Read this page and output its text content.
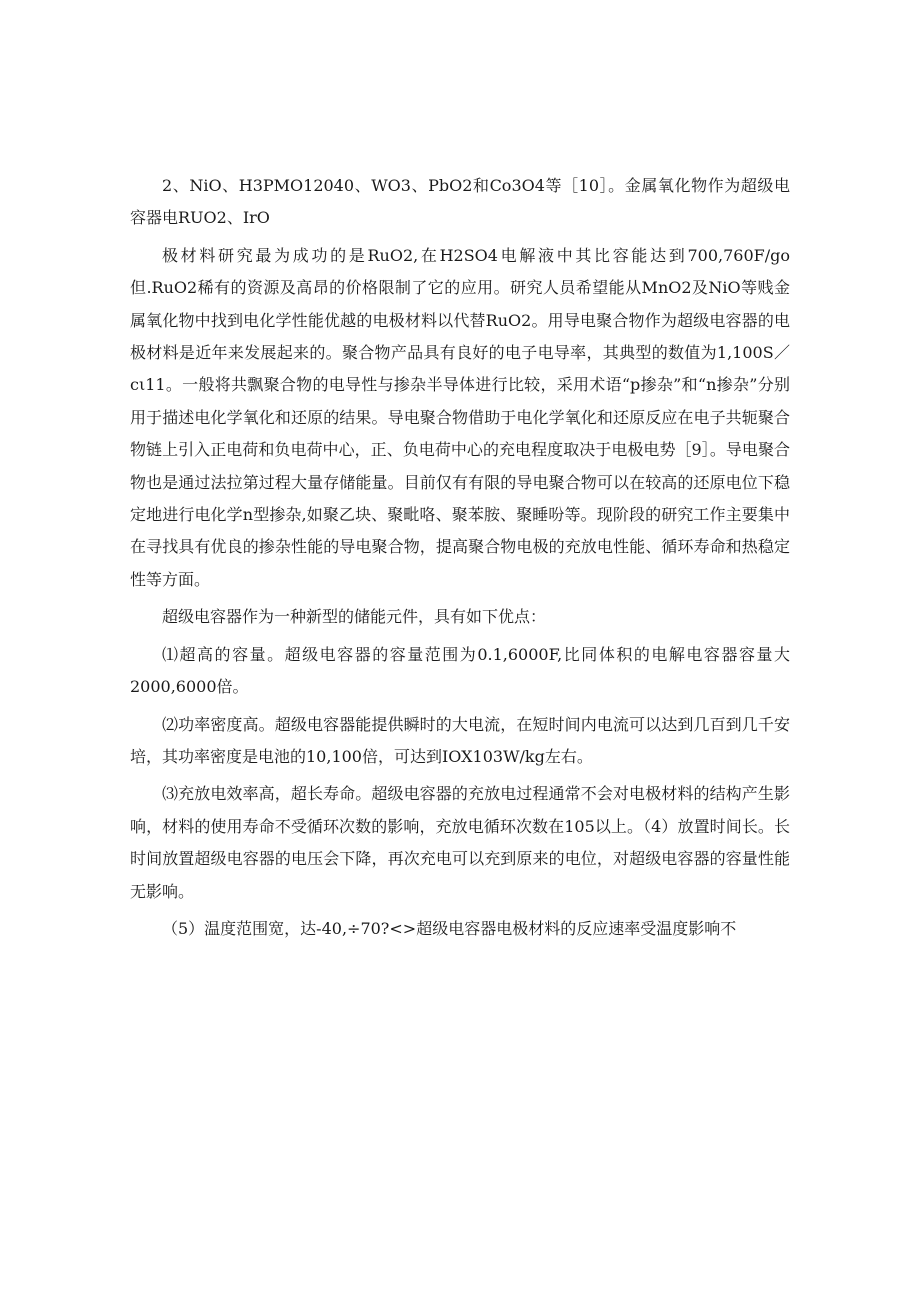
2、NiO、H3PMO12040、WO3、PbO2和Co3O4等［10］。金属氧化物作为超级电容器电RUO2、IrO

极材料研究最为成功的是RuO2,在H2SO4电解液中其比容能达到700,760F/go但.RuO2稀有的资源及高昂的价格限制了它的应用。研究人员希望能从MnO2及NiO等贱金属氧化物中找到电化学性能优越的电极材料以代替RuO2。用导电聚合物作为超级电容器的电极材料是近年来发展起来的。聚合物产品具有良好的电子电导率，其典型的数值为1,100S／cι11。一般将共飘聚合物的电导性与掺杂半导体进行比较，采用术语“p掺杂”和“n掺杂”分别用于描述电化学氧化和还原的结果。导电聚合物借助于电化学氧化和还原反应在电子共轭聚合物链上引入正电荷和负电荷中心，正、负电荷中心的充电程度取决于电极电势［9］。导电聚合物也是通过法拉第过程大量存储能量。目前仅有有限的导电聚合物可以在较高的还原电位下稳定地进行电化学n型掺杂,如聚乙块、聚毗咯、聚苯胺、聚睡吩等。现阶段的研究工作主要集中在寻找具有优良的掺杂性能的导电聚合物，提高聚合物电极的充放电性能、循环寿命和热稳定性等方面。

超级电容器作为一种新型的储能元件，具有如下优点：

⑴超高的容量。超级电容器的容量范围为0.1,6000F,比同体积的电解电容器容量大2000,6000倍。

⑵功率密度高。超级电容器能提供瞬时的大电流，在短时间内电流可以达到几百到几千安培，其功率密度是电池的10,100倍，可达到IOX103W/kg左右。

⑶充放电效率高，超长寿命。超级电容器的充放电过程通常不会对电极材料的结构产生影响，材料的使用寿命不受循环次数的影响，充放电循环次数在105以上。（4）放置时间长。长时间放置超级电容器的电压会下降，再次充电可以充到原来的电位，对超级电容器的容量性能无影响。

（5）温度范围宽，达-40,÷70?<>超级电容器电极材料的反应速率受温度影响不
